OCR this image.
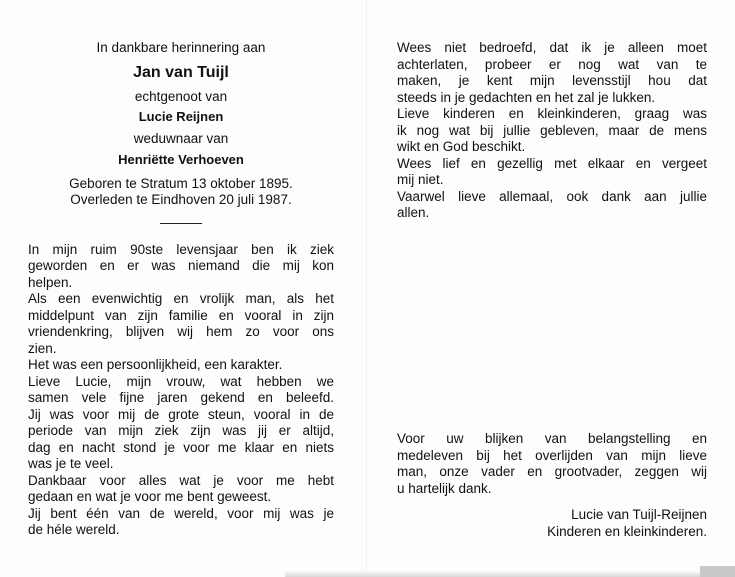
In dankbare herinnering aan
Jan van Tuijl
echtgenoot van
Lucie Reijnen
weduwnaar van
Henriëtte Verhoeven
Geboren te Stratum 13 oktober 1895.
Overleden te Eindhoven 20 juli 1987.
In mijn ruim 90ste levensjaar ben ik ziek
geworden en er was niemand die mij kon
helpen.
Als een evenwichtig en vrolijk man, als het
middelpunt van zijn familie en vooral in zijn
vriendenkring, blijven wij hem zo voor ons
zien.
Het was een persoonlijkheid, een karakter.
Lieve Lucie, mijn vrouw, wat hebben we
samen vele fijne jaren gekend en beleefd.
Jij was voor mij de grote steun, vooral in de
periode van mijn ziek zijn was jij er altijd,
dag en nacht stond je voor me klaar en niets
was je te veel.
Dankbaar voor alles wat je voor me hebt
gedaan en wat je voor me bent geweest.
Jij bent één van de wereld, voor mij was je
de héle wereld.
Wees niet bedroefd, dat ik je alleen moet
achterlaten, probeer er nog wat van te
maken, je kent mijn levensstijl hou dat
steeds in je gedachten en het zal je lukken.
Lieve kinderen en kleinkinderen, graag was
ik nog wat bij jullie gebleven, maar de mens
wikt en God beschikt.
Wees lief en gezellig met elkaar en vergeet
mij niet.
Vaarwel lieve allemaal, ook dank aan jullie
allen.
Voor uw blijken van belangstelling en
medeleven bij het overlijden van mijn lieve
man, onze vader en grootvader, zeggen wij
u hartelijk dank.
Lucie van Tuijl-Reijnen
Kinderen en kleinkinderen.
